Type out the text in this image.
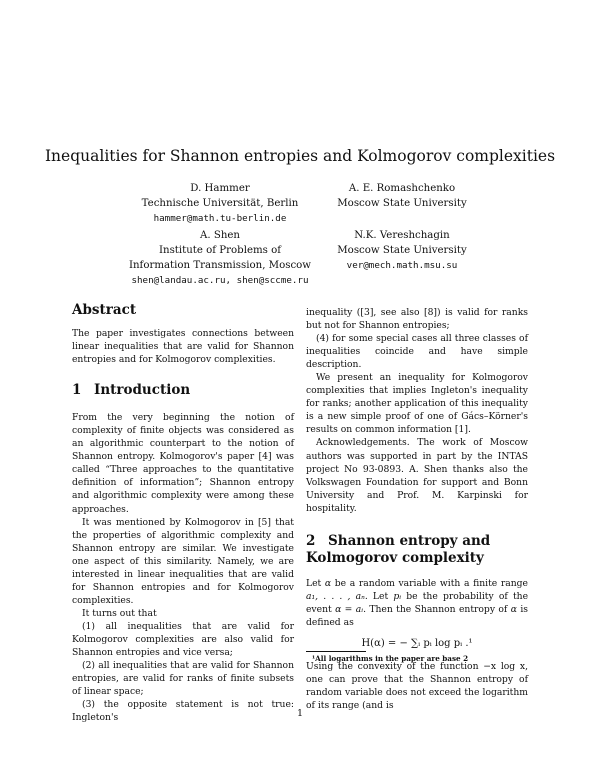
Inequalities for Shannon entropies and Kolmogorov complexities
D. Hammer
Technische Universität, Berlin
hammer@math.tu-berlin.de
A. E. Romashchenko
Moscow State University
A. Shen
Institute of Problems of
Information Transmission, Moscow
shen@landau.ac.ru, shen@sccme.ru
N.K. Vereshchagin
Moscow State University
ver@mech.math.msu.su
Abstract

The paper investigates connections between linear inequalities that are valid for Shannon entropies and for Kolmogorov complexities.

1 Introduction

From the very beginning the notion of complexity of finite objects was considered as an algorithmic counterpart to the notion of Shannon entropy. Kolmogorov's paper [4] was called “Three approaches to the quantitative definition of information”; Shannon entropy and algorithmic complexity were among these approaches.

It was mentioned by Kolmogorov in [5] that the properties of algorithmic complexity and Shannon entropy are similar. We investigate one aspect of this similarity. Namely, we are interested in linear inequalities that are valid for Shannon entropies and for Kolmogorov complexities.

It turns out that

(1) all inequalities that are valid for Kolmogorov complexities are also valid for Shannon entropies and vice versa;

(2) all inequalities that are valid for Shannon entropies, are valid for ranks of finite subsets of linear space;

(3) the opposite statement is not true: Ingleton's

inequality ([3], see also [8]) is valid for ranks but not for Shannon entropies;

(4) for some special cases all three classes of inequalities coincide and have simple description.

We present an inequality for Kolmogorov complexities that implies Ingleton's inequality for ranks; another application of this inequality is a new simple proof of one of Gács–Körner's results on common information [1].

Acknowledgements. The work of Moscow authors was supported in part by the INTAS project No 93-0893. A. Shen thanks also the Volkswagen Foundation for support and Bonn University and Prof. M. Karpinski for hospitality.

2 Shannon entropy and Kolmogorov complexity

Let α be a random variable with a finite range a₁, . . . , aₙ. Let pᵢ be the probability of the event α = aᵢ. Then the Shannon entropy of α is defined as

H(α) = − ∑ᵢ pᵢ log pᵢ .¹

Using the convexity of the function −x log x, one can prove that the Shannon entropy of random variable does not exceed the logarithm of its range (and is

¹All logarithms in the paper are base 2
1
